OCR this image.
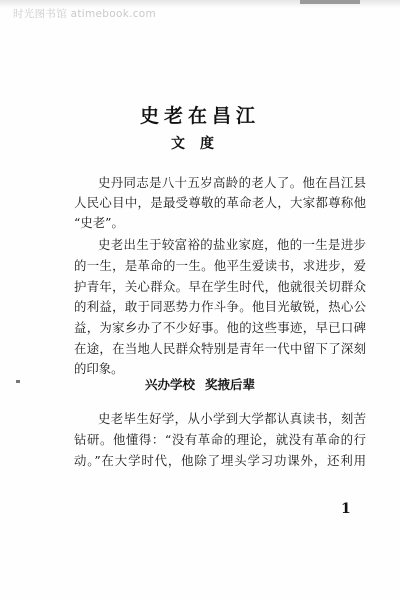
时光图书馆 atimebook.com
史老在昌江
文度
史丹同志是八十五岁高龄的老人了。他在昌江县
人民心目中，是最受尊敬的革命老人，大家都尊称他
“史老”。
史老出生于较富裕的盐业家庭，他的一生是进步
的一生，是革命的一生。他平生爱读书，求进步，爱
护青年，关心群众。早在学生时代，他就很关切群众
的利益，敢于同恶势力作斗争。他目光敏锐，热心公
益，为家乡办了不少好事。他的这些事迹，早已口碑
在途，在当地人民群众特别是青年一代中留下了深刻
的印象。
兴办学校 奖掖后辈
史老毕生好学，从小学到大学都认真读书，刻苦
钻研。他懂得：“没有革命的理论，就没有革命的行
动。”在大学时代，他除了埋头学习功课外，还利用
1
